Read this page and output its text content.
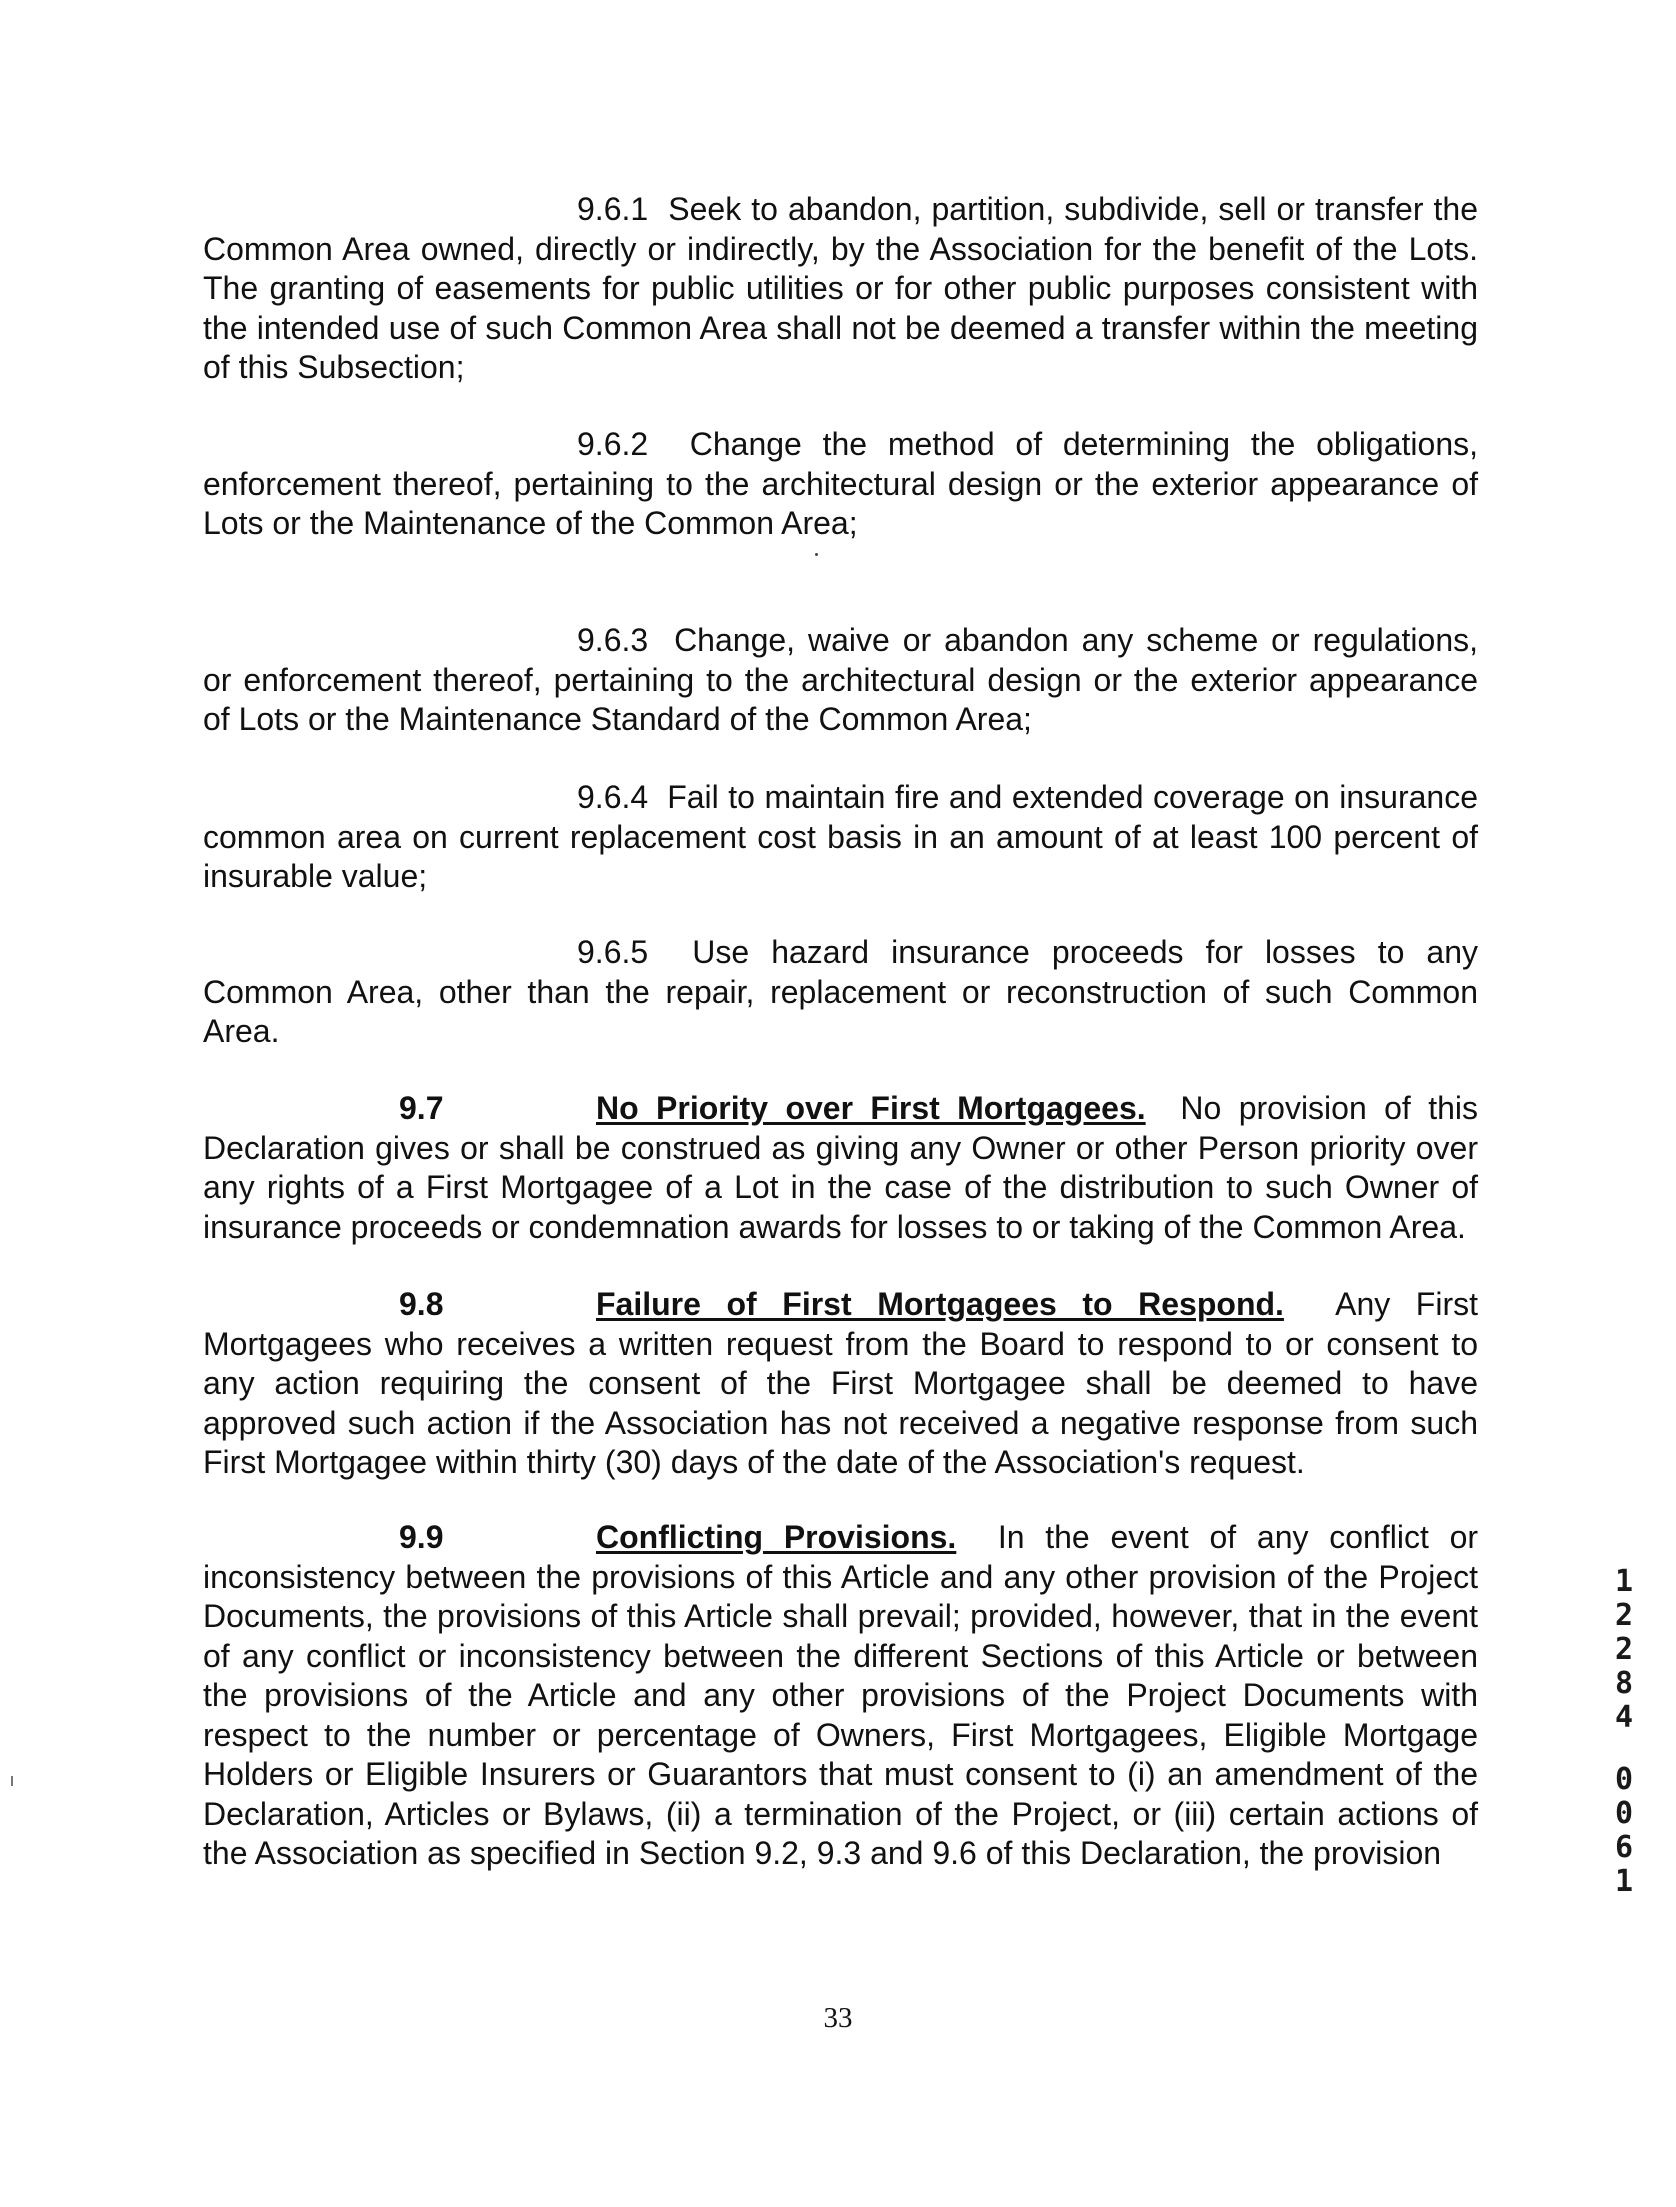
9.6.1 Seek to abandon, partition, subdivide, sell or transfer the Common Area owned, directly or indirectly, by the Association for the benefit of the Lots. The granting of easements for public utilities or for other public purposes consistent with the intended use of such Common Area shall not be deemed a transfer within the meeting of this Subsection;

9.6.2 Change the method of determining the obligations, enforcement thereof, pertaining to the architectural design or the exterior appearance of Lots or the Maintenance of the Common Area;

9.6.3 Change, waive or abandon any scheme or regulations, or enforcement thereof, pertaining to the architectural design or the exterior appearance of Lots or the Maintenance Standard of the Common Area;

9.6.4 Fail to maintain fire and extended coverage on insurance common area on current replacement cost basis in an amount of at least 100 percent of insurable value;

9.6.5 Use hazard insurance proceeds for losses to any Common Area, other than the repair, replacement or reconstruction of such Common Area.

9.7	No Priority over First Mortgagees. No provision of this Declaration gives or shall be construed as giving any Owner or other Person priority over any rights of a First Mortgagee of a Lot in the case of the distribution to such Owner of insurance proceeds or condemnation awards for losses to or taking of the Common Area.

9.8	Failure of First Mortgagees to Respond. Any First Mortgagees who receives a written request from the Board to respond to or consent to any action requiring the consent of the First Mortgagee shall be deemed to have approved such action if the Association has not received a negative response from such First Mortgagee within thirty (30) days of the date of the Association's request.

9.9	Conflicting Provisions. In the event of any conflict or inconsistency between the provisions of this Article and any other provision of the Project Documents, the provisions of this Article shall prevail; provided, however, that in the event of any conflict or inconsistency between the different Sections of this Article or between the provisions of the Article and any other provisions of the Project Documents with respect to the number or percentage of Owners, First Mortgagees, Eligible Mortgage Holders or Eligible Insurers or Guarantors that must consent to (i) an amendment of the Declaration, Articles or Bylaws, (ii) a termination of the Project, or (iii) certain actions of the Association as specified in Section 9.2, 9.3 and 9.6 of this Declaration, the provision

1
2
2
8
4
0
0
6
1
33
